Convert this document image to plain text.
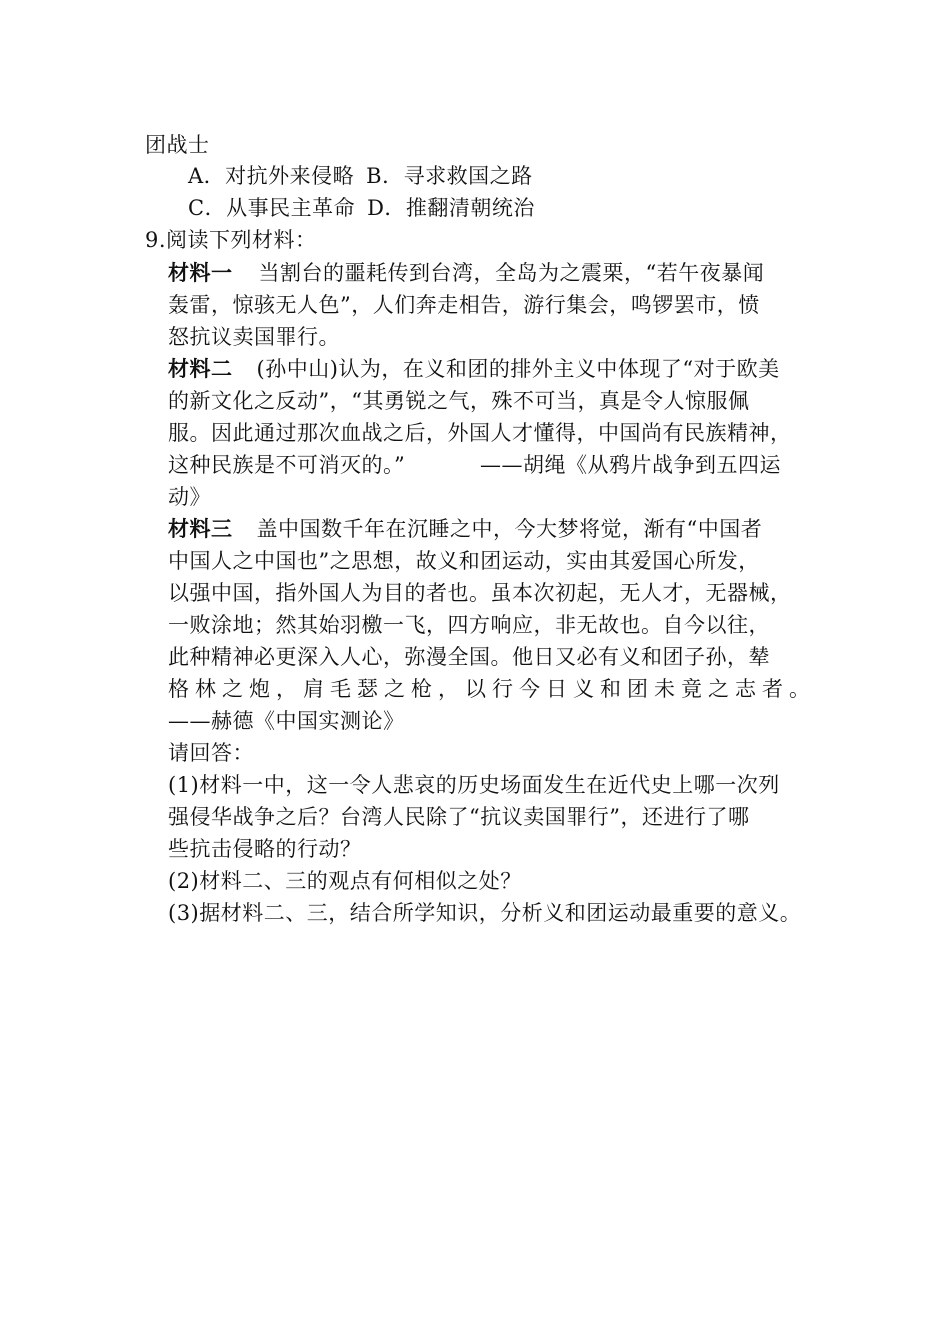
团战士
A．对抗外来侵略 B．寻求救国之路
C．从事民主革命 D．推翻清朝统治
9.阅读下列材料：
材料一 当割台的噩耗传到台湾，全岛为之震栗，“若午夜暴闻
轰雷，惊骇无人色”，人们奔走相告，游行集会，鸣锣罢市，愤
怒抗议卖国罪行。
材料二 (孙中山)认为，在义和团的排外主义中体现了“对于欧美
的新文化之反动”，“其勇锐之气，殊不可当，真是令人惊服佩
服。因此通过那次血战之后，外国人才懂得，中国尚有民族精神，
这种民族是不可消灭的。”	——胡绳《从鸦片战争到五四运
动》
材料三 盖中国数千年在沉睡之中，今大梦将觉，渐有“中国者
中国人之中国也”之思想，故义和团运动，实由其爱国心所发，
以强中国，指外国人为目的者也。虽本次初起，无人才，无器械，
一败涂地；然其始羽檄一飞，四方响应，非无故也。自今以往，
此种精神必更深入人心，弥漫全国。他日又必有义和团子孙，辇
格林之炮，肩毛瑟之枪，以行今日义和团未竟之志者。
——赫德《中国实测论》
请回答：
(1)材料一中，这一令人悲哀的历史场面发生在近代史上哪一次列
强侵华战争之后？台湾人民除了“抗议卖国罪行”，还进行了哪
些抗击侵略的行动？
(2)材料二、三的观点有何相似之处？
(3)据材料二、三，结合所学知识，分析义和团运动最重要的意义。
